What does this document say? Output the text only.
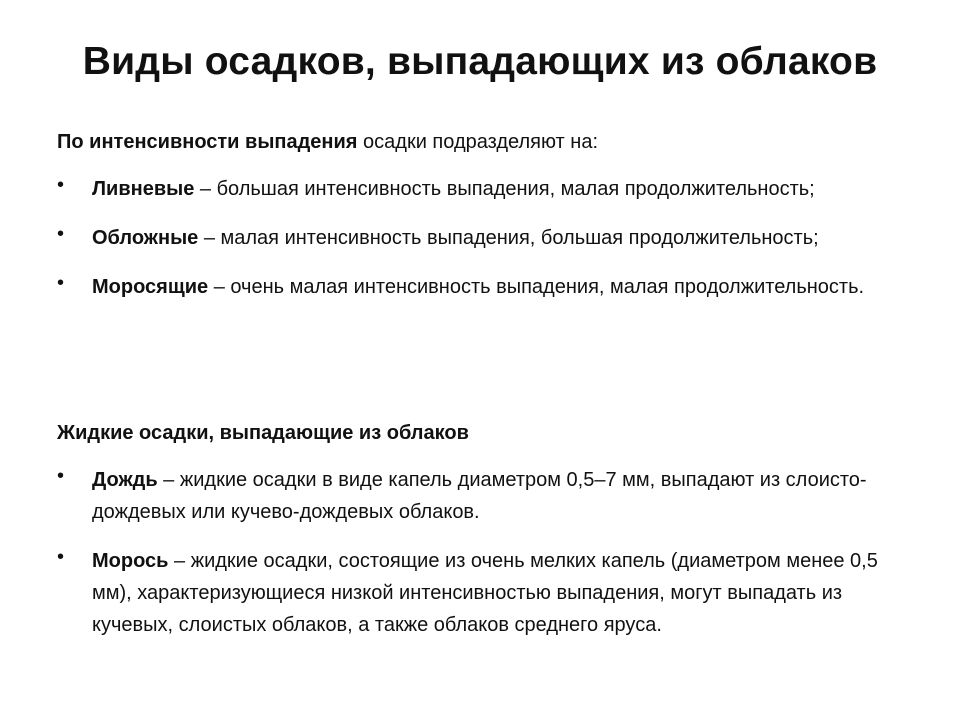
Виды осадков, выпадающих из облаков
По интенсивности выпадения осадки подразделяют на:
• Ливневые – большая интенсивность выпадения, малая продолжительность;
• Обложные – малая интенсивность выпадения, большая продолжительность;
• Моросящие – очень малая интенсивность выпадения, малая продолжительность.
Жидкие осадки, выпадающие из облаков
• Дождь – жидкие осадки в виде капель диаметром 0,5–7 мм, выпадают из слоисто-дождевых или кучево-дождевых облаков.
• Морось – жидкие осадки, состоящие из очень мелких капель (диаметром менее 0,5 мм), характеризующиеся низкой интенсивностью выпадения, могут выпадать из кучевых, слоистых облаков, а также облаков среднего яруса.
